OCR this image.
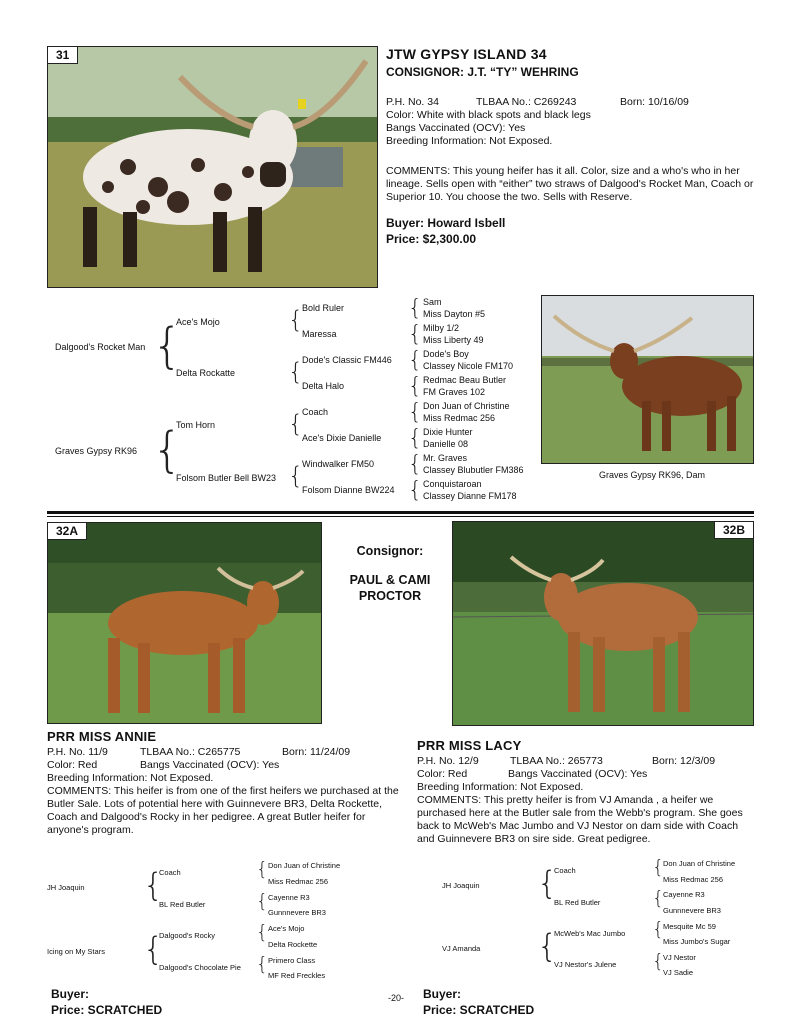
31	JTW GYPSY ISLAND 34
CONSIGNOR: J.T. “TY” WEHRING
P.H. No. 34	TLBAA No.: C269243	Born: 10/16/09
Color: White with black spots and black legs
Bangs Vaccinated (OCV): Yes
Breeding Information: Not Exposed.
COMMENTS: This young heifer has it all. Color, size and a who's who in her lineage. Sells open with “either” two straws of Dalgood's Rocket Man, Coach or Superior 10. You choose the two. Sells with Reserve.
Buyer: Howard Isbell
Price: $2,300.00
Dalgood's Rocket Man
Graves Gypsy RK96
{
{
Ace's Mojo
Delta Rockatte
Tom Horn
Folsom Butler Bell BW23
{
{
{
{
Bold Ruler
Maressa
Dode's Classic FM446
Delta Halo
Coach
Ace's Dixie Danielle
Windwalker FM50
Folsom Dianne BW224
{
{
{
{
{
{
{
{
Sam
Miss Dayton #5
Milby 1/2
Miss Liberty 49
Dode's Boy
Classey Nicole FM170
Redmac Beau Butler
FM Graves 102
Don Juan of Christine
Miss Redmac 256
Dixie Hunter
Danielle 08
Mr. Graves
Classey Blubutler FM386
Conquistaroan
Classey Dianne FM178
Graves Gypsy RK96, Dam
32A
Consignor:
PAUL & CAMI PROCTOR
PRR MISS ANNIE
P.H. No. 11/9	TLBAA No.: C265775	Born: 11/24/09
Color: Red	Bangs Vaccinated (OCV): Yes
Breeding Information: Not Exposed.
COMMENTS: This heifer is from one of the first heifers we purchased at the Butler Sale. Lots of potential here with Guinnevere BR3, Delta Rockette, Coach and Dalgood's Rocky in her pedigree. A great Butler heifer for anyone's program.
JH Joaquin
Icing on My Stars
{
{
Coach
BL Red Butler
Dalgood's Rocky
Dalgood's Chocolate Pie
{
{
{
{
Don Juan of Christine
Miss Redmac 256
Cayenne R3
Gunnnevere BR3
Ace's Mojo
Delta Rockette
Primero Class
MF Red Freckles
Buyer:
Price: SCRATCHED
32B
PRR MISS LACY
P.H. No. 12/9	TLBAA No.: 265773	Born: 12/3/09
Color: Red	Bangs Vaccinated (OCV): Yes
Breeding Information: Not Exposed.
COMMENTS: This pretty heifer is from VJ Amanda , a heifer we purchased here at the Butler sale from the Webb's program. She goes back to McWeb's Mac Jumbo and VJ Nestor on dam side with Coach and Guinnevere BR3 on sire side. Great pedigree.
JH Joaquin
VJ Amanda
{
{
Coach
BL Red Butler
McWeb's Mac Jumbo
VJ Nestor's Julene
{
{
{
{
Don Juan of Christine
Miss Redmac 256
Cayenne R3
Gunnnevere BR3
Mesquite Mc 59
Miss Jumbo's Sugar
VJ Nestor
VJ Sadie
Buyer:
Price: SCRATCHED
-20-
